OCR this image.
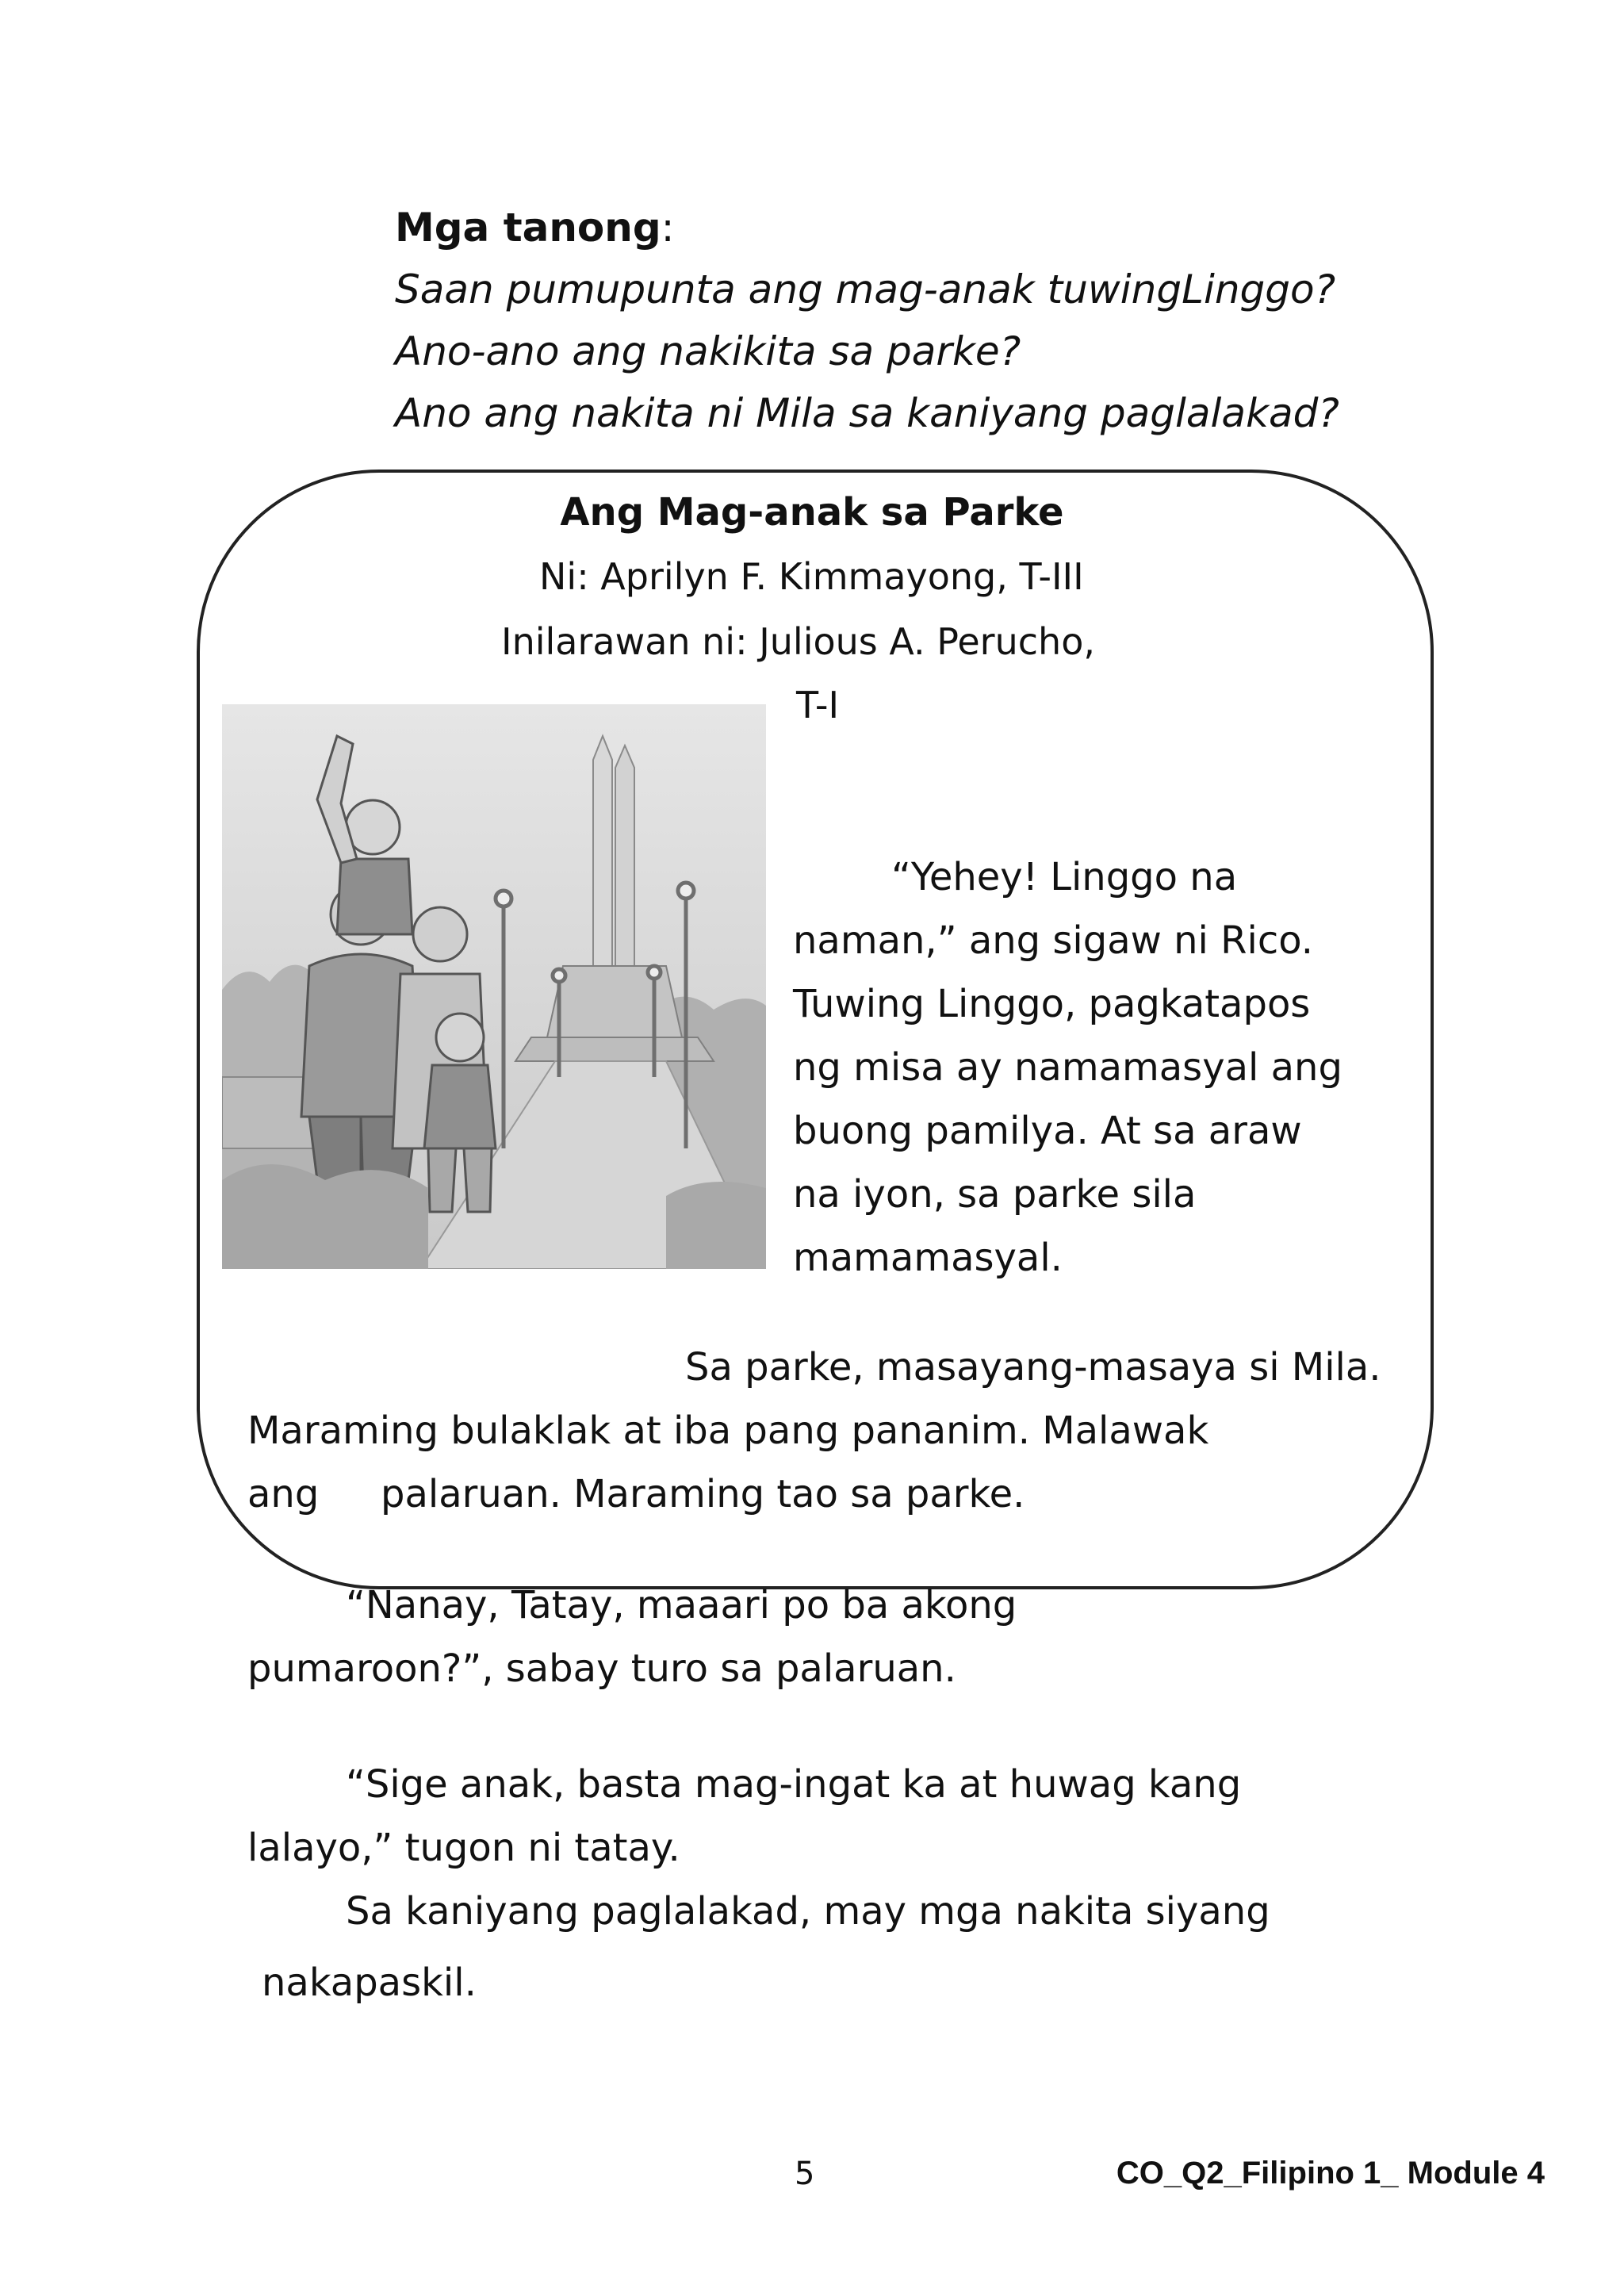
Mga tanong:
Saan pumupunta ang mag-anak tuwingLinggo?
Ano-ano ang nakikita sa parke?
Ano ang nakita ni Mila sa kaniyang paglalakad?
Ang Mag-anak sa Parke
Ni: Aprilyn F. Kimmayong, T-III
Inilarawan ni: Julious A. Perucho,
T-I
“Yehey! Linggo na
naman,” ang sigaw ni Rico.
Tuwing Linggo, pagkatapos
ng misa ay namamasyal ang
buong pamilya. At sa araw
na iyon, sa parke sila
mamamasyal.
Sa parke, masayang-masaya si Mila.
Maraming bulaklak at iba pang pananim. Malawak
ang palaruan. Maraming tao sa parke.
“Nanay, Tatay, maaari po ba akong
pumaroon?”, sabay turo sa palaruan.
“Sige anak, basta mag-ingat ka at huwag kang
lalayo,” tugon ni tatay.
Sa kaniyang paglalakad, may mga nakita siyang
nakapaskil.
5	CO_Q2_Filipino 1_ Module 4
